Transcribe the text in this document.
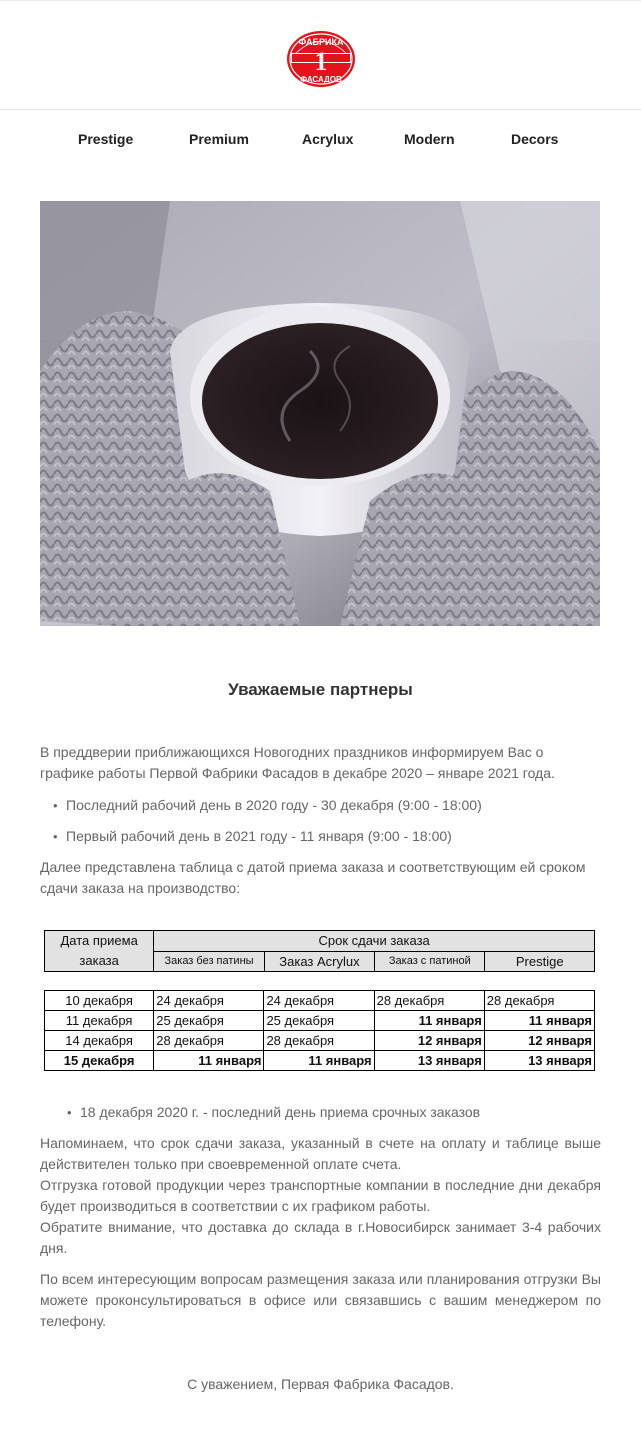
ФАБРИКА
1
ФАСАДОВ
Prestige	Premium	Acrylux	Modern	Decors
Уважаемые партнеры
В преддверии приближающихся Новогодних праздников информируем Вас о графике работы Первой Фабрики Фасадов в декабре 2020 – январе 2021 года.
• Последний рабочий день в 2020 году - 30 декабря (9:00 - 18:00)
• Первый рабочий день в 2021 году - 11 января (9:00 - 18:00)
Далее представлена таблица с датой приема заказа и соответствующим ей сроком сдачи заказа на производство:
Дата приема
заказа	Срок сдачи заказа			
	Заказ без патины	Заказ Acrylux	Заказ с патиной	Prestige
10 декабря	24 декабря	24 декабря	28 декабря	28 декабря
11 декабря	25 декабря	25 декабря	11 января	11 января
14 декабря	28 декабря	28 декабря	12 января	12 января
15 декабря	11 января	11 января	13 января	13 января
• 18 декабря 2020 г. - последний день приема срочных заказов
Напоминаем, что срок сдачи заказа, указанный в счете на оплату и таблице выше действителен только при своевременной оплате счета.
Отгрузка готовой продукции через транспортные компании в последние дни декабря будет производиться в соответствии с их графиком работы.
Обратите внимание, что доставка до склада в г.Новосибирск занимает 3-4 рабочих дня.
По всем интересующим вопросам размещения заказа или планирования отгрузки Вы можете проконсультироваться в офисе или связавшись с вашим менеджером по телефону.
С уважением, Первая Фабрика Фасадов.
